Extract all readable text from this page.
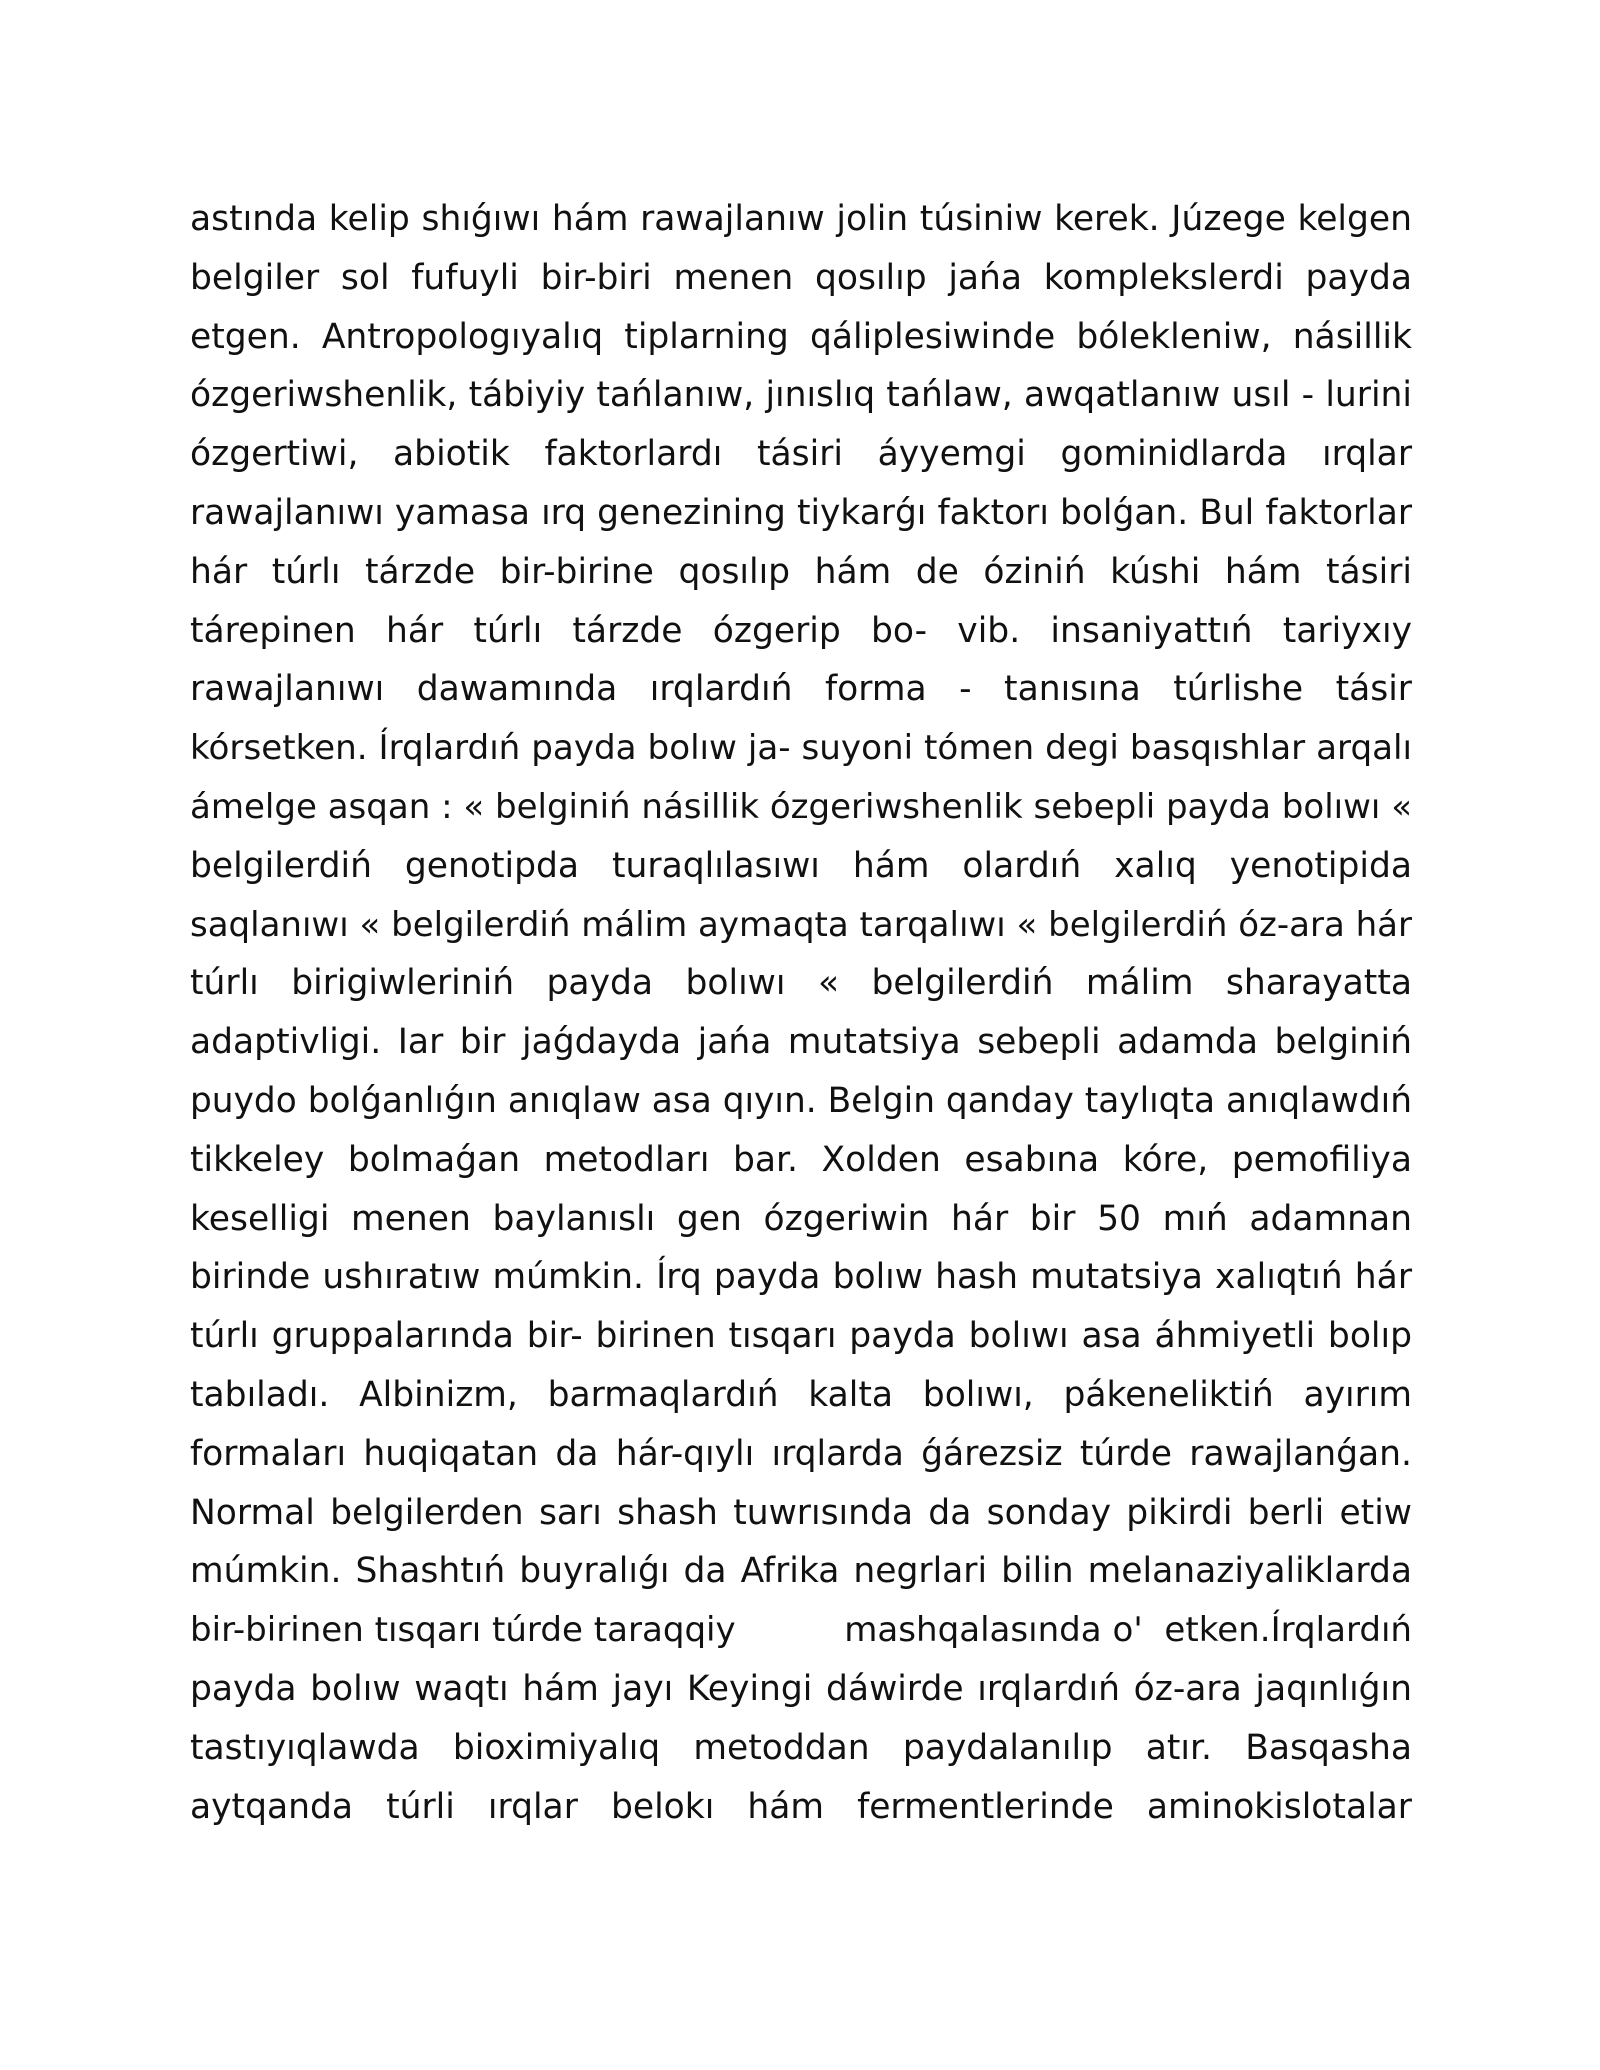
astında kelip shıǵıwı hám rawajlanıw jolin túsiniw kerek. Júzege kelgen
belgiler sol fufuyli bir-biri menen qosılıp jańa komplekslerdi payda
etgen. Antropologıyalıq tiplarning qáliplesiwinde bólekleniw, násillik
ózgeriwshenlik, tábiyiy tańlanıw, jınıslıq tańlaw, awqatlanıw usıl - lurini
ózgertiwi, abiotik faktorlardı tásiri áyyemgi gominidlarda ırqlar
rawajlanıwı yamasa ırq genezining tiykarǵı faktorı bolǵan. Bul faktorlar
hár túrlı tárzde bir-birine qosılıp hám de óziniń kúshi hám tásiri
tárepinen hár túrlı tárzde ózgerip bo- vib. insaniyattıń tariyxıy
rawajlanıwı dawamında ırqlardıń forma - tanısına túrlishe tásir
kórsetken. Írqlardıń payda bolıw ja- suyoni tómen degi basqıshlar arqalı
ámelge asqan : « belginiń násillik ózgeriwshenlik sebepli payda bolıwı «
belgilerdiń genotipda turaqlılasıwı hám olardıń xalıq yenotipida
saqlanıwı « belgilerdiń málim aymaqta tarqalıwı « belgilerdiń óz-ara hár
túrlı birigiwleriniń payda bolıwı « belgilerdiń málim sharayatta
adaptivligi. Iar bir jaǵdayda jańa mutatsiya sebepli adamda belginiń
puydo bolǵanlıǵın anıqlaw asa qıyın. Belgin qanday taylıqta anıqlawdıń
tikkeley bolmaǵan metodları bar. Xolden esabına kóre, pemofiliya
keselligi menen baylanıslı gen ózgeriwin hár bir 50 mıń adamnan
birinde ushıratıw múmkin. Írq payda bolıw hash mutatsiya xalıqtıń hár
túrlı gruppalarında bir- birinen tısqarı payda bolıwı asa áhmiyetli bolıp
tabıladı. Albinizm, barmaqlardıń kalta bolıwı, pákeneliktiń ayırım
formaları huqiqatan da hár-qıylı ırqlarda ǵárezsiz túrde rawajlanǵan.
Normal belgilerden sarı shash tuwrısında da sonday pikirdi berli etiw
múmkin. Shashtıń buyralıǵı da Afrika negrlari bilin melanaziyaliklarda
bir-birinen tısqarı túrde taraqqiy          mashqalasında o'  etken.Írqlardıń
payda bolıw waqtı hám jayı Keyingi dáwirde ırqlardıń óz-ara jaqınlıǵın
tastıyıqlawda bioximiyalıq metoddan paydalanılıp atır. Basqasha
aytqanda túrli ırqlar belokı hám fermentlerinde aminokislotalar
